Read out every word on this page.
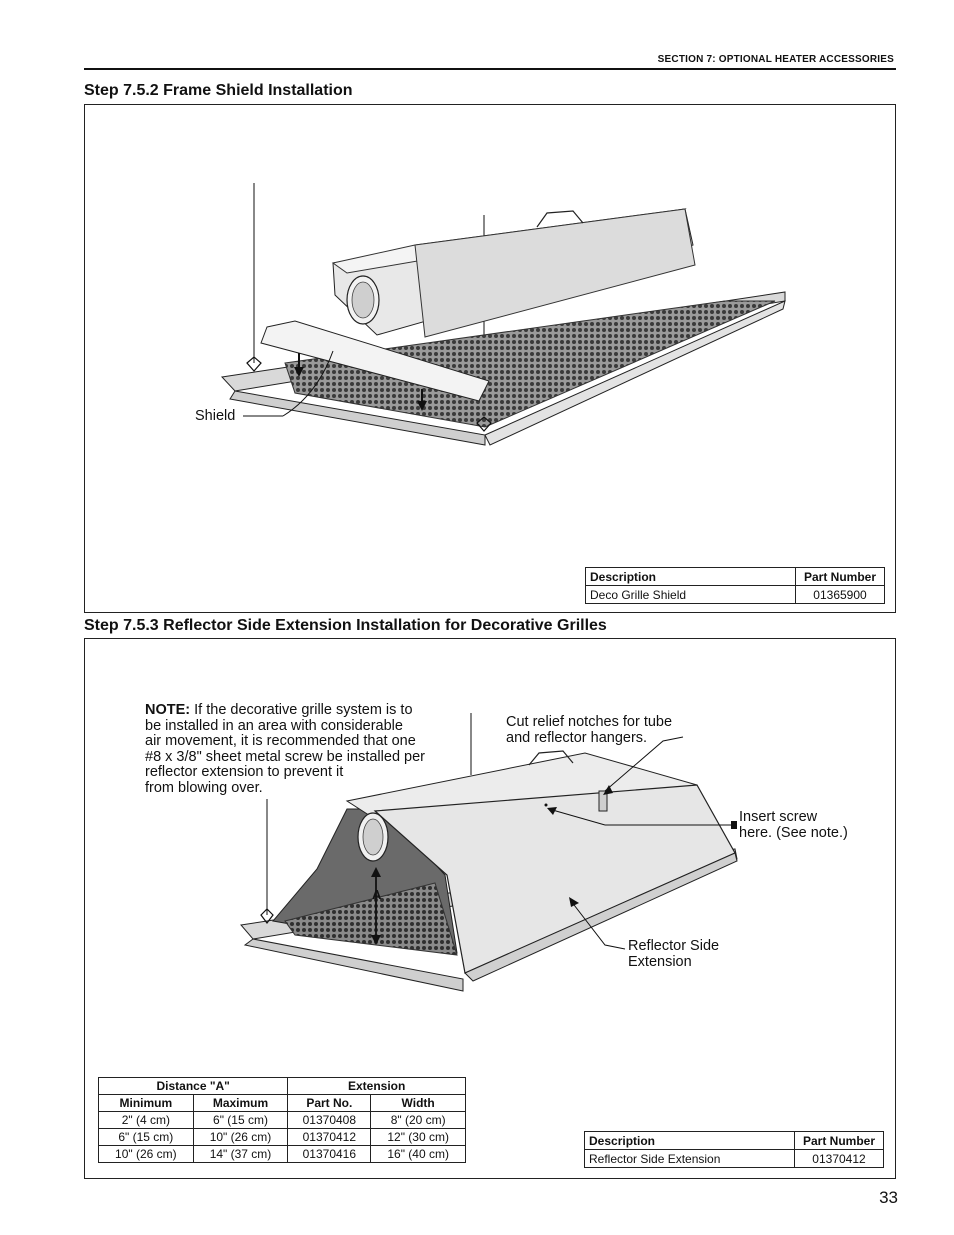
SECTION 7: OPTIONAL HEATER ACCESSORIES
Step 7.5.2 Frame Shield Installation
Shield
Description	Part Number
Deco Grille Shield	01365900
Step 7.5.3 Reflector Side Extension Installation for Decorative Grilles
NOTE: If the decorative grille system is to
be installed in an area with considerable
air movement, it is recommended that one
#8 x 3/8" sheet metal screw be installed per
reflector extension to prevent it
from blowing over.
Cut relief notches for tube
and reflector hangers.
Insert screw
here. (See note.)
Reflector Side
Extension
A
Distance "A"		Extension	
Minimum	Maximum	Part No.	Width
2" (4 cm)	6" (15 cm)	01370408	8" (20 cm)
6" (15 cm)	10" (26 cm)	01370412	12" (30 cm)
10" (26 cm)	14" (37 cm)	01370416	16" (40 cm)
Description	Part Number
Reflector Side Extension	01370412
33
